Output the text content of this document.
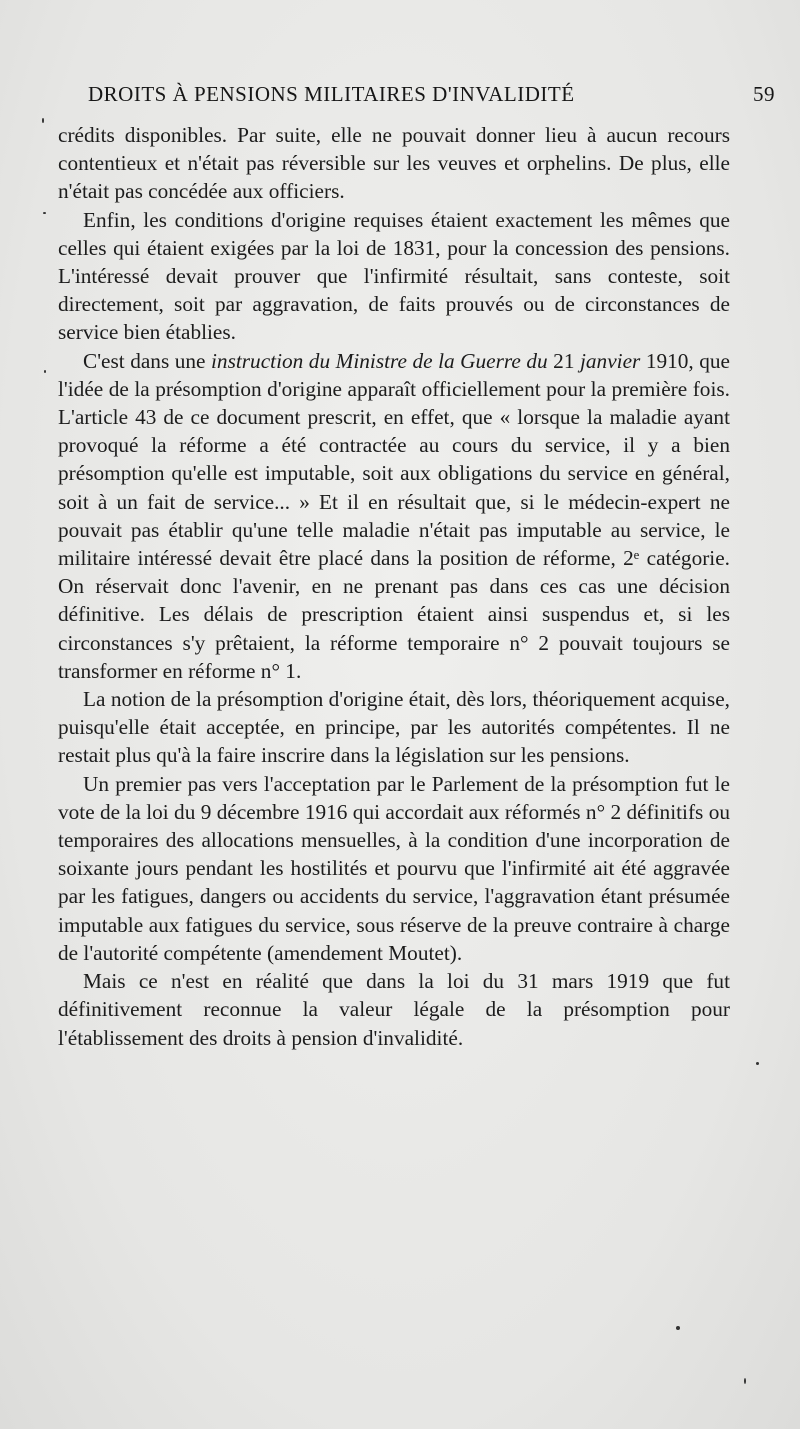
DROITS À PENSIONS MILITAIRES D'INVALIDITÉ	59

crédits disponibles. Par suite, elle ne pouvait donner lieu à aucun recours contentieux et n'était pas réversible sur les veuves et orphelins. De plus, elle n'était pas concédée aux officiers.

Enfin, les conditions d'origine requises étaient exactement les mêmes que celles qui étaient exigées par la loi de 1831, pour la concession des pensions. L'intéressé devait prouver que l'infirmité résultait, sans conteste, soit directement, soit par aggravation, de faits prouvés ou de circonstances de service bien établies.

C'est dans une instruction du Ministre de la Guerre du 21 janvier 1910, que l'idée de la présomption d'origine apparaît officiellement pour la première fois. L'article 43 de ce document prescrit, en effet, que « lorsque la maladie ayant provoqué la réforme a été contractée au cours du service, il y a bien présomption qu'elle est imputable, soit aux obligations du service en général, soit à un fait de service... » Et il en résultait que, si le médecin-expert ne pouvait pas établir qu'une telle maladie n'était pas imputable au service, le militaire intéressé devait être placé dans la position de réforme, 2ᵉ catégorie. On réservait donc l'avenir, en ne prenant pas dans ces cas une décision définitive. Les délais de prescription étaient ainsi suspendus et, si les circonstances s'y prêtaient, la réforme temporaire n° 2 pouvait toujours se transformer en réforme n° 1.

La notion de la présomption d'origine était, dès lors, théoriquement acquise, puisqu'elle était acceptée, en principe, par les autorités compétentes. Il ne restait plus qu'à la faire inscrire dans la législation sur les pensions.

Un premier pas vers l'acceptation par le Parlement de la présomption fut le vote de la loi du 9 décembre 1916 qui accordait aux réformés n° 2 définitifs ou temporaires des allocations mensuelles, à la condition d'une incorporation de soixante jours pendant les hostilités et pourvu que l'infirmité ait été aggravée par les fatigues, dangers ou accidents du service, l'aggravation étant présumée imputable aux fatigues du service, sous réserve de la preuve contraire à charge de l'autorité compétente (amendement Moutet).

Mais ce n'est en réalité que dans la loi du 31 mars 1919 que fut définitivement reconnue la valeur légale de la présomption pour l'établissement des droits à pension d'invalidité.
